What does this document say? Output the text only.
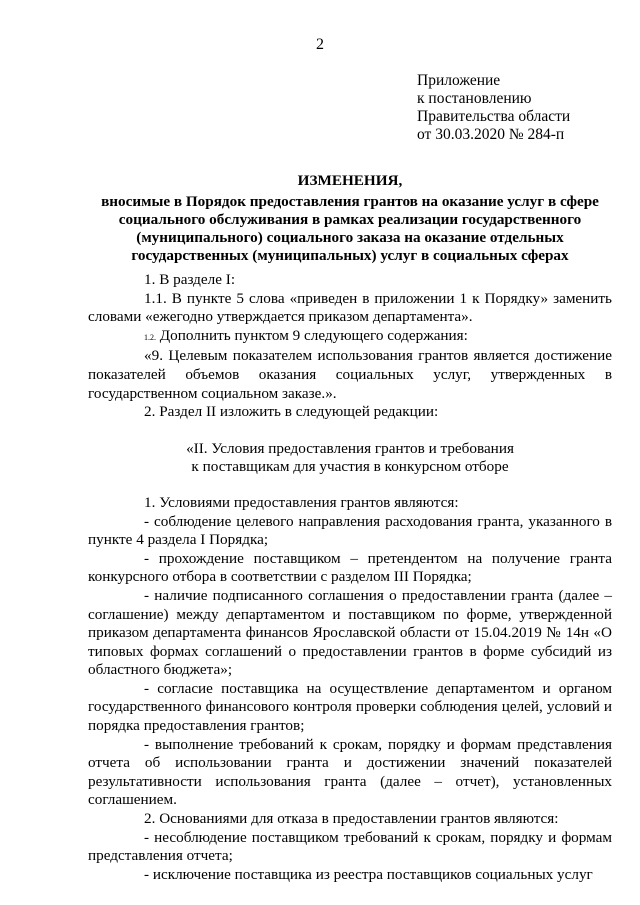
2
Приложение
к постановлению
Правительства области
от 30.03.2020 № 284-п
ИЗМЕНЕНИЯ,
вносимые в Порядок предоставления грантов на оказание услуг в сфере социального обслуживания в рамках реализации государственного (муниципального) социального заказа на оказание отдельных государственных (муниципальных) услуг в социальных сферах

1. В разделе I:

1.1. В пункте 5 слова «приведен в приложении 1 к Порядку» заменить словами «ежегодно утверждается приказом департамента».

1.2. Дополнить пунктом 9 следующего содержания:

«9. Целевым показателем использования грантов является достижение показателей объемов оказания социальных услуг, утвержденных в государственном социальном заказе.».

2. Раздел II изложить в следующей редакции:

«II. Условия предоставления грантов и требования
к поставщикам для участия в конкурсном отборе

1. Условиями предоставления грантов являются:

- соблюдение целевого направления расходования гранта, указанного в пункте 4 раздела I Порядка;

- прохождение поставщиком – претендентом на получение гранта конкурсного отбора в соответствии с разделом III Порядка;

- наличие подписанного соглашения о предоставлении гранта (далее – соглашение) между департаментом и поставщиком по форме, утвержденной приказом департамента финансов Ярославской области от 15.04.2019 № 14н «О типовых формах соглашений о предоставлении грантов в форме субсидий из областного бюджета»;

- согласие поставщика на осуществление департаментом и органом государственного финансового контроля проверки соблюдения целей, условий и порядка предоставления грантов;

- выполнение требований к срокам, порядку и формам представления отчета об использовании гранта и достижении значений показателей результативности использования гранта (далее – отчет), установленных соглашением.

2. Основаниями для отказа в предоставлении грантов являются:

- несоблюдение поставщиком требований к срокам, порядку и формам представления отчета;

- исключение поставщика из реестра поставщиков социальных услуг
